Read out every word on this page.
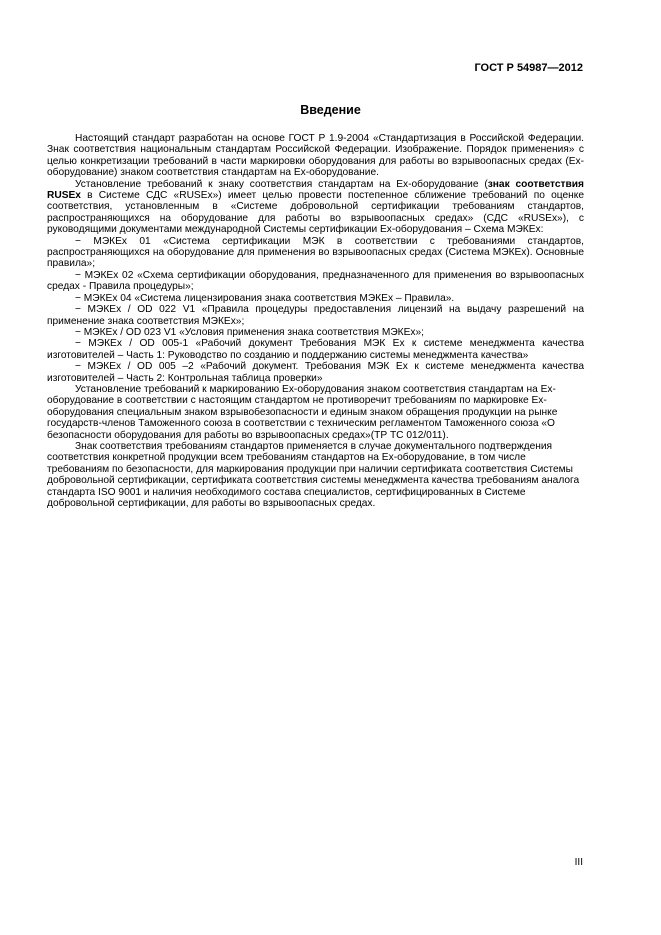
ГОСТ Р 54987—2012
Введение

Настоящий стандарт разработан на основе ГОСТ Р 1.9-2004 «Стандартизация в Российской Федерации. Знак соответствия национальным стандартам Российской Федерации. Изображение. Порядок применения» с целью конкретизации требований в части маркировки оборудования для работы во взрывоопасных средах (Ех-оборудование) знаком соответствия стандартам на Ех-оборудование.

Установление требований к знаку соответствия стандартам на Ех-оборудование (знак соответствия RUSEx в Системе СДС «RUSEx») имеет целью провести постепенное сближение требований по оценке соответствия, установленным в «Системе добровольной сертификации требованиям стандартов, распространяющихся на оборудование для работы во взрывоопасных средах» (СДС «RUSEx»), с руководящими документами международной Системы сертификации Ех-оборудования – Схема МЭКЕх:

− МЭКЕх 01 «Система сертификации МЭК в соответствии с требованиями стандартов, распространяющихся на оборудование для применения во взрывоопасных средах (Система МЭКЕх). Основные правила»;

− МЭКЕх 02 «Схема сертификации оборудования, предназначенного для применения во взрывоопасных средах - Правила процедуры»;

− МЭКЕх 04 «Система лицензирования знака соответствия МЭКЕх – Правила».

− МЭКЕх / OD 022 V1 «Правила процедуры предоставления лицензий на выдачу разрешений на применение знака соответствия МЭКЕх»;

− МЭКЕх / OD 023 V1 «Условия применения знака соответствия МЭКЕх»;

− МЭКЕх / OD 005-1 «Рабочий документ Требования МЭК Ех к системе менеджмента качества изготовителей – Часть 1: Руководство по созданию и поддержанию системы менеджмента качества»

− МЭКЕх / OD 005 –2 «Рабочий документ. Требования МЭК Ех к системе менеджмента качества изготовителей – Часть 2: Контрольная таблица проверки»

Установление требований к маркированию Ех-оборудования знаком соответствия стандартам на Ех-оборудование в соответствии с настоящим стандартом не противоречит требованиям по маркировке Ех-оборудования специальным знаком взрывобезопасности и единым знаком обращения продукции на рынке государств-членов Таможенного союза в соответствии с техническим регламентом Таможенного союза «О безопасности оборудования для работы во взрывоопасных средах»(ТР ТС 012/011).

Знак соответствия требованиям стандартов применяется в случае документального подтверждения соответствия конкретной продукции всем требованиям стандартов на Ех-оборудование, в том числе требованиям по безопасности, для маркирования продукции при наличии сертификата соответствия Системы добровольной сертификации, сертификата соответствия системы менеджмента качества требованиям аналога стандарта ISO 9001 и наличия необходимого состава специалистов, сертифицированных в Системе добровольной сертификации, для работы во взрывоопасных средах.

III
